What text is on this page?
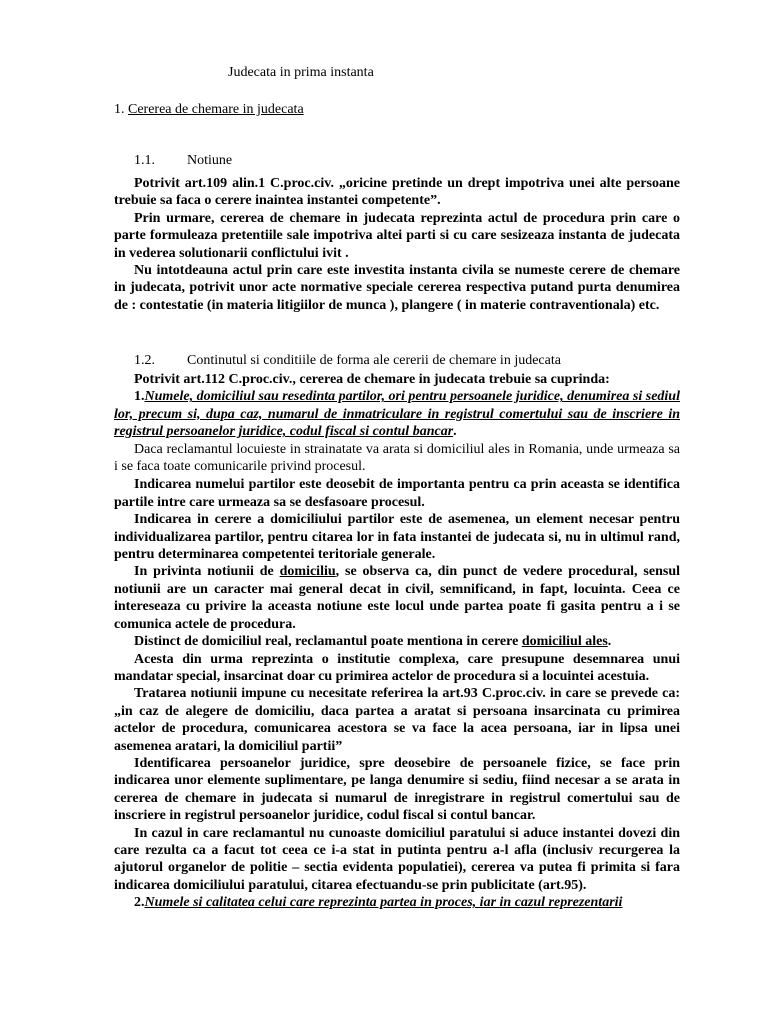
Judecata in prima instanta
1. Cererea de chemare in judecata
1.1. Notiune

Potrivit art.109 alin.1 C.proc.civ. „oricine pretinde un drept impotriva unei alte persoane trebuie sa faca o cerere inaintea instantei competente”.

Prin urmare, cererea de chemare in judecata reprezinta actul de procedura prin care o parte formuleaza pretentiile sale impotriva altei parti si cu care sesizeaza instanta de judecata in vederea solutionarii conflictului ivit .

Nu intotdeauna actul prin care este investita instanta civila se numeste cerere de chemare in judecata, potrivit unor acte normative speciale cererea respectiva putand purta denumirea de : contestatie (in materia litigiilor de munca ), plangere ( in materie contraventionala) etc.

1.2. Continutul si conditiile de forma ale cererii de chemare in judecata

Potrivit art.112 C.proc.civ., cererea de chemare in judecata trebuie sa cuprinda:

1.Numele, domiciliul sau resedinta partilor, ori pentru persoanele juridice, denumirea si sediul lor, precum si, dupa caz, numarul de inmatriculare in registrul comertului sau de inscriere in registrul persoanelor juridice, codul fiscal si contul bancar.

Daca reclamantul locuieste in strainatate va arata si domiciliul ales in Romania, unde urmeaza sa i se faca toate comunicarile privind procesul.

Indicarea numelui partilor este deosebit de importanta pentru ca prin aceasta se identifica partile intre care urmeaza sa se desfasoare procesul.

Indicarea in cerere a domiciliului partilor este de asemenea, un element necesar pentru individualizarea partilor, pentru citarea lor in fata instantei de judecata si, nu in ultimul rand, pentru determinarea competentei teritoriale generale.

In privinta notiunii de domiciliu, se observa ca, din punct de vedere procedural, sensul notiunii are un caracter mai general decat in civil, semnificand, in fapt, locuinta. Ceea ce intereseaza cu privire la aceasta notiune este locul unde partea poate fi gasita pentru a i se comunica actele de procedura.

Distinct de domiciliul real, reclamantul poate mentiona in cerere domiciliul ales.

Acesta din urma reprezinta o institutie complexa, care presupune desemnarea unui mandatar special, insarcinat doar cu primirea actelor de procedura si a locuintei acestuia.

Tratarea notiunii impune cu necesitate referirea la art.93 C.proc.civ. in care se prevede ca: „in caz de alegere de domiciliu, daca partea a aratat si persoana insarcinata cu primirea actelor de procedura, comunicarea acestora se va face la acea persoana, iar in lipsa unei asemenea aratari, la domiciliul partii”

Identificarea persoanelor juridice, spre deosebire de persoanele fizice, se face prin indicarea unor elemente suplimentare, pe langa denumire si sediu, fiind necesar a se arata in cererea de chemare in judecata si numarul de inregistrare in registrul comertului sau de inscriere in registrul persoanelor juridice, codul fiscal si contul bancar.

In cazul in care reclamantul nu cunoaste domiciliul paratului si aduce instantei dovezi din care rezulta ca a facut tot ceea ce i-a stat in putinta pentru a-l afla (inclusiv recurgerea la ajutorul organelor de politie – sectia evidenta populatiei), cererea va putea fi primita si fara indicarea domiciliului paratului, citarea efectuandu-se prin publicitate (art.95).

2.Numele si calitatea celui care reprezinta partea in proces, iar in cazul reprezentarii
